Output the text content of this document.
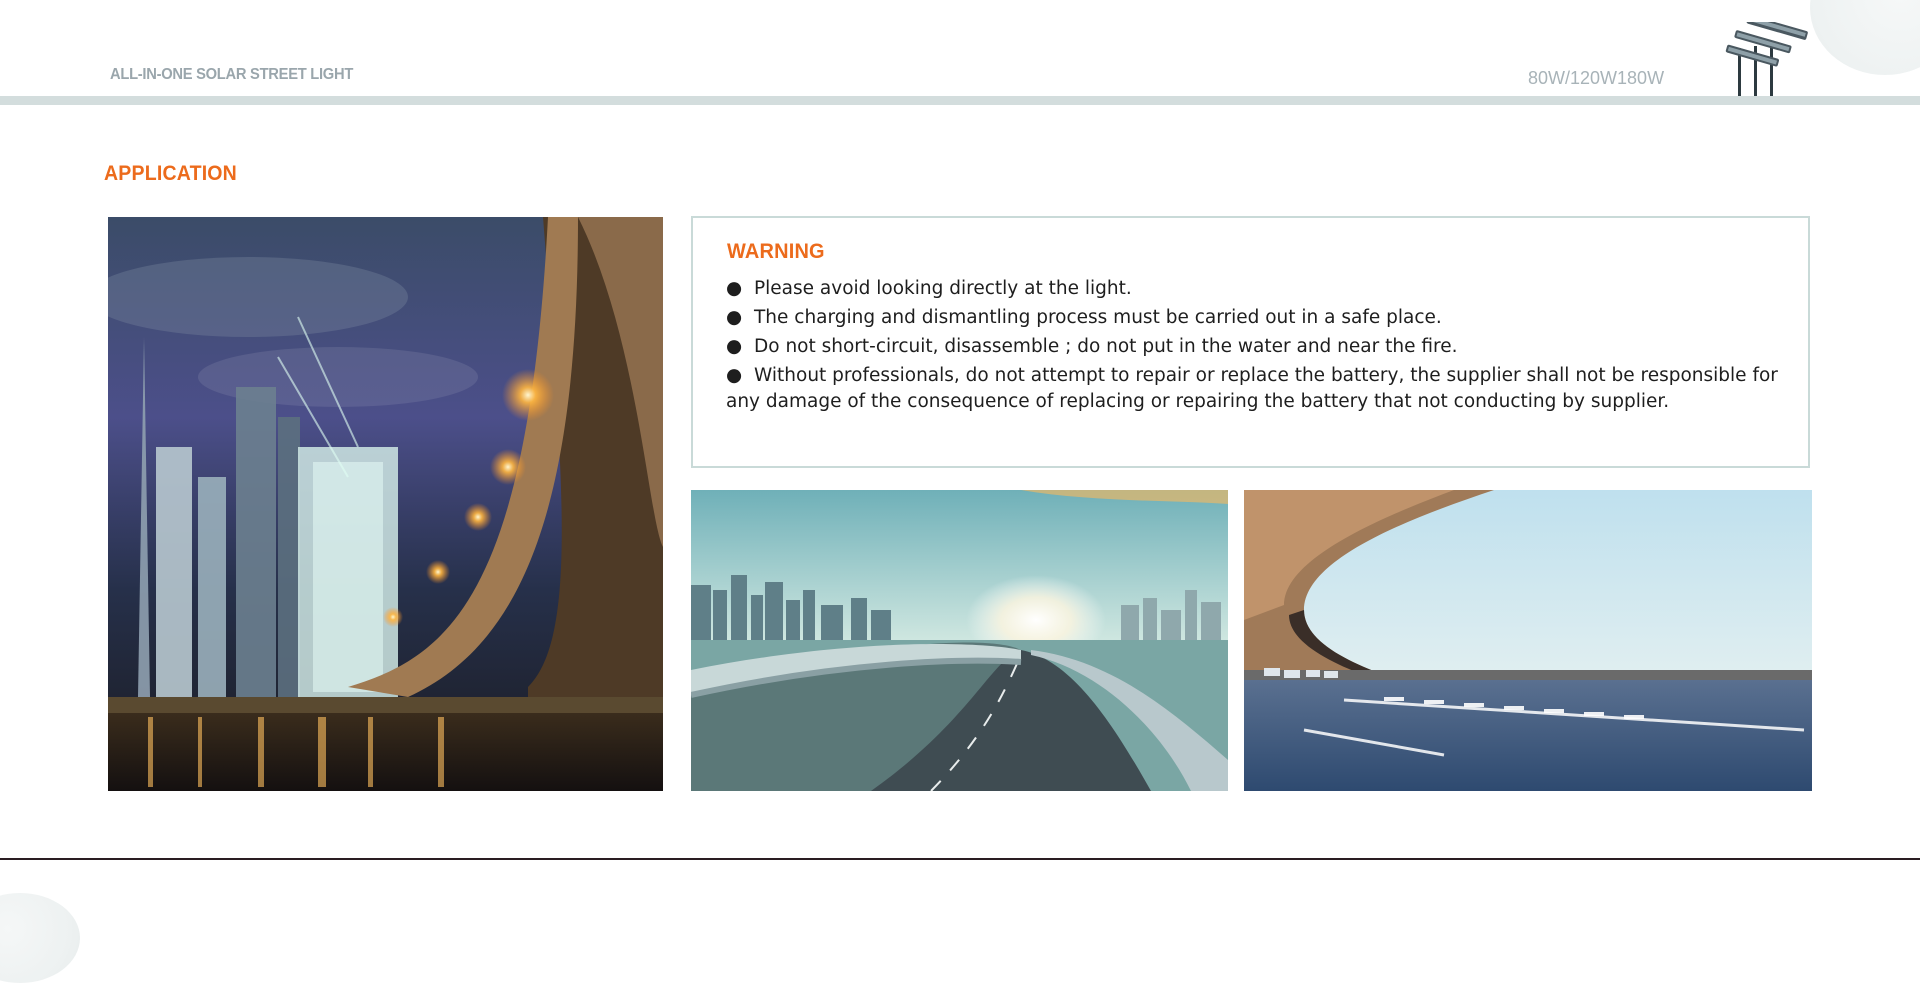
ALL-IN-ONE SOLAR STREET LIGHT	80W/120W180W
APPLICATION
WARNING
● Please avoid looking directly at the light.
● The charging and dismantling process must be carried out in a safe place.
● Do not short-circuit, disassemble ; do not put in the water and near the fire.
● Without professionals, do not attempt to repair or replace the battery, the supplier shall not be responsible for any damage of the consequence of replacing or repairing the battery that not conducting by supplier.
